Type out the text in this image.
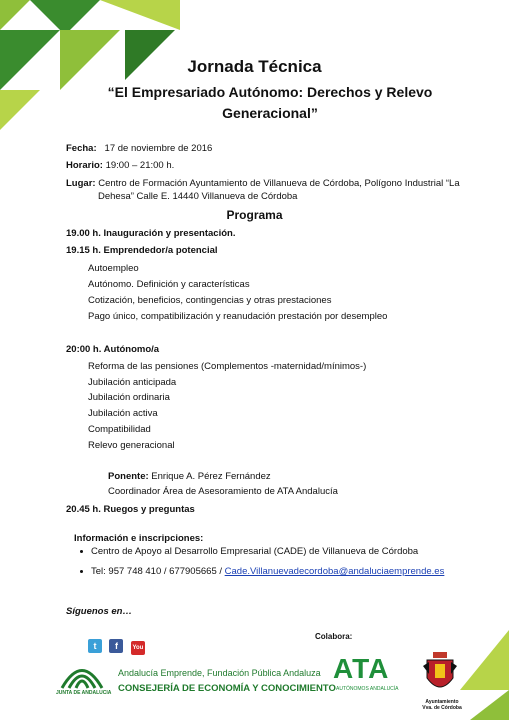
Jornada Técnica
“El Empresariado Autónomo: Derechos y Relevo
Generacional”
Fecha: 17 de noviembre de 2016
Horario: 19:00 – 21:00 h.
Lugar: Centro de Formación Ayuntamiento de Villanueva de Córdoba, Polígono Industrial “La
Dehesa” Calle E. 14440 Villanueva de Córdoba
Programa
19.00 h. Inauguración y presentación.
19.15 h. Emprendedor/a potencial
Autoempleo
Autónomo. Definición y características
Cotización, beneficios, contingencias y otras prestaciones
Pago único, compatibilización y reanudación prestación por desempleo
20:00 h. Autónomo/a
Reforma de las pensiones (Complementos -maternidad/mínimos-)
Jubilación anticipada
Jubilación ordinaria
Jubilación activa
Compatibilidad
Relevo generacional
Ponente: Enrique A. Pérez Fernández
Coordinador Área de Asesoramiento de ATA Andalucía
20.45 h. Ruegos y preguntas
Información e inscripciones:
Centro de Apoyo al Desarrollo Empresarial (CADE) de Villanueva de Córdoba
Tel: 957 748 410 / 677905665 / Cade.Villanuevadecordoba@andaluciaemprende.es
Síguenos en…
t f You
Colabora:
JUNTA DE ANDALUCIA
Andalucía Emprende, Fundación Pública Andaluza
CONSEJERÍA DE ECONOMÍA Y CONOCIMIENTO
ATA
AUTÓNOMOS ANDALUCÍA
Ayuntamiento
Vva. de Córdoba
